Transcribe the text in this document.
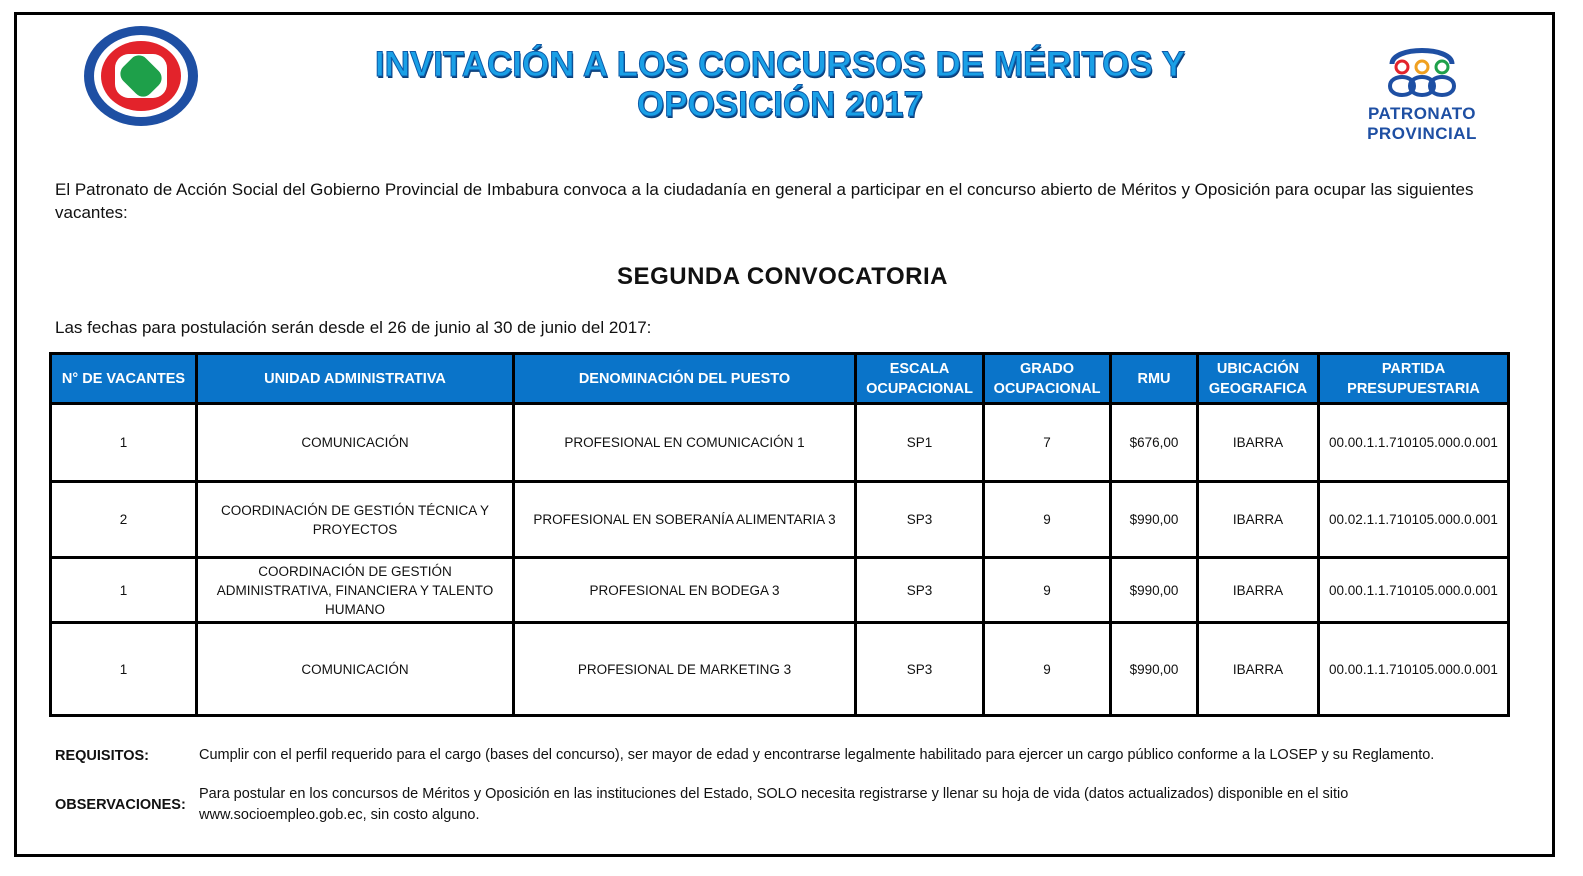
PATRONATO
PROVINCIAL
INVITACIÓN A LOS CONCURSOS DE MÉRITOS Y OPOSICIÓN 2017
El Patronato de Acción Social del Gobierno Provincial de Imbabura convoca a la ciudadanía en general a participar en el concurso abierto de Méritos y Oposición para ocupar las siguientes vacantes:
SEGUNDA CONVOCATORIA
Las fechas para postulación serán desde el 26 de junio al 30 de junio del 2017:
N° DE VACANTES	UNIDAD ADMINISTRATIVA	DENOMINACIÓN DEL PUESTO	ESCALA OCUPACIONAL	GRADO OCUPACIONAL	RMU	UBICACIÓN GEOGRAFICA	PARTIDA PRESUPUESTARIA
1	COMUNICACIÓN	PROFESIONAL EN COMUNICACIÓN 1	SP1	7	$676,00	IBARRA	00.00.1.1.710105.000.0.001
2	COORDINACIÓN DE GESTIÓN TÉCNICA Y PROYECTOS	PROFESIONAL EN SOBERANÍA ALIMENTARIA 3	SP3	9	$990,00	IBARRA	00.02.1.1.710105.000.0.001
1	COORDINACIÓN DE GESTIÓN ADMINISTRATIVA, FINANCIERA Y TALENTO HUMANO	PROFESIONAL EN BODEGA 3	SP3	9	$990,00	IBARRA	00.00.1.1.710105.000.0.001
1	COMUNICACIÓN	PROFESIONAL DE MARKETING 3	SP3	9	$990,00	IBARRA	00.00.1.1.710105.000.0.001
REQUISITOS:	Cumplir con el perfil requerido para el cargo (bases del concurso), ser mayor de edad y encontrarse legalmente habilitado para ejercer un cargo público conforme a la LOSEP y su Reglamento.
OBSERVACIONES:
Para postular en los concursos de Méritos y Oposición en las instituciones del Estado, SOLO necesita registrarse y llenar su hoja de vida (datos actualizados) disponible en el sitio www.socioempleo.gob.ec, sin costo alguno.
